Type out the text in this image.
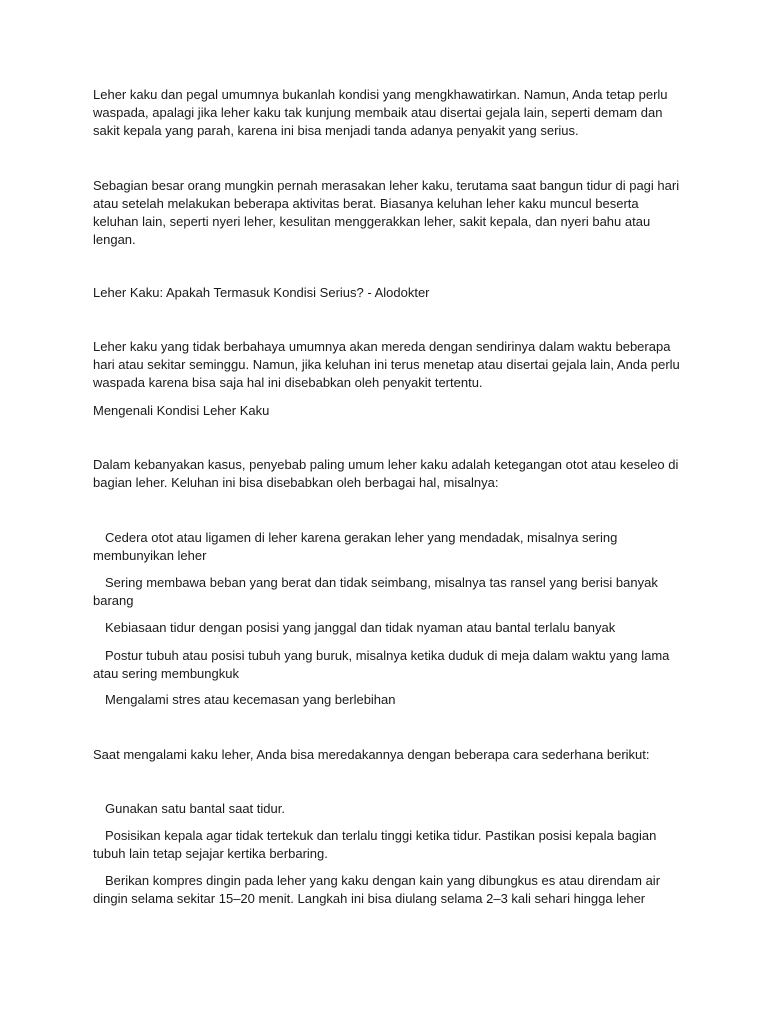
Leher kaku dan pegal umumnya bukanlah kondisi yang mengkhawatirkan. Namun, Anda tetap perlu waspada, apalagi jika leher kaku tak kunjung membaik atau disertai gejala lain, seperti demam dan sakit kepala yang parah, karena ini bisa menjadi tanda adanya penyakit yang serius.

Sebagian besar orang mungkin pernah merasakan leher kaku, terutama saat bangun tidur di pagi hari atau setelah melakukan beberapa aktivitas berat. Biasanya keluhan leher kaku muncul beserta keluhan lain, seperti nyeri leher, kesulitan menggerakkan leher, sakit kepala, dan nyeri bahu atau lengan.

Leher Kaku: Apakah Termasuk Kondisi Serius? - Alodokter

Leher kaku yang tidak berbahaya umumnya akan mereda dengan sendirinya dalam waktu beberapa hari atau sekitar seminggu. Namun, jika keluhan ini terus menetap atau disertai gejala lain, Anda perlu waspada karena bisa saja hal ini disebabkan oleh penyakit tertentu.

Mengenali Kondisi Leher Kaku

Dalam kebanyakan kasus, penyebab paling umum leher kaku adalah ketegangan otot atau keseleo di bagian leher. Keluhan ini bisa disebabkan oleh berbagai hal, misalnya:

Cedera otot atau ligamen di leher karena gerakan leher yang mendadak, misalnya sering membunyikan leher

Sering membawa beban yang berat dan tidak seimbang, misalnya tas ransel yang berisi banyak barang

Kebiasaan tidur dengan posisi yang janggal dan tidak nyaman atau bantal terlalu banyak

Postur tubuh atau posisi tubuh yang buruk, misalnya ketika duduk di meja dalam waktu yang lama atau sering membungkuk

Mengalami stres atau kecemasan yang berlebihan

Saat mengalami kaku leher, Anda bisa meredakannya dengan beberapa cara sederhana berikut:

Gunakan satu bantal saat tidur.

Posisikan kepala agar tidak tertekuk dan terlalu tinggi ketika tidur. Pastikan posisi kepala bagian tubuh lain tetap sejajar kertika berbaring.

Berikan kompres dingin pada leher yang kaku dengan kain yang dibungkus es atau direndam air dingin selama sekitar 15–20 menit. Langkah ini bisa diulang selama 2–3 kali sehari hingga leher
